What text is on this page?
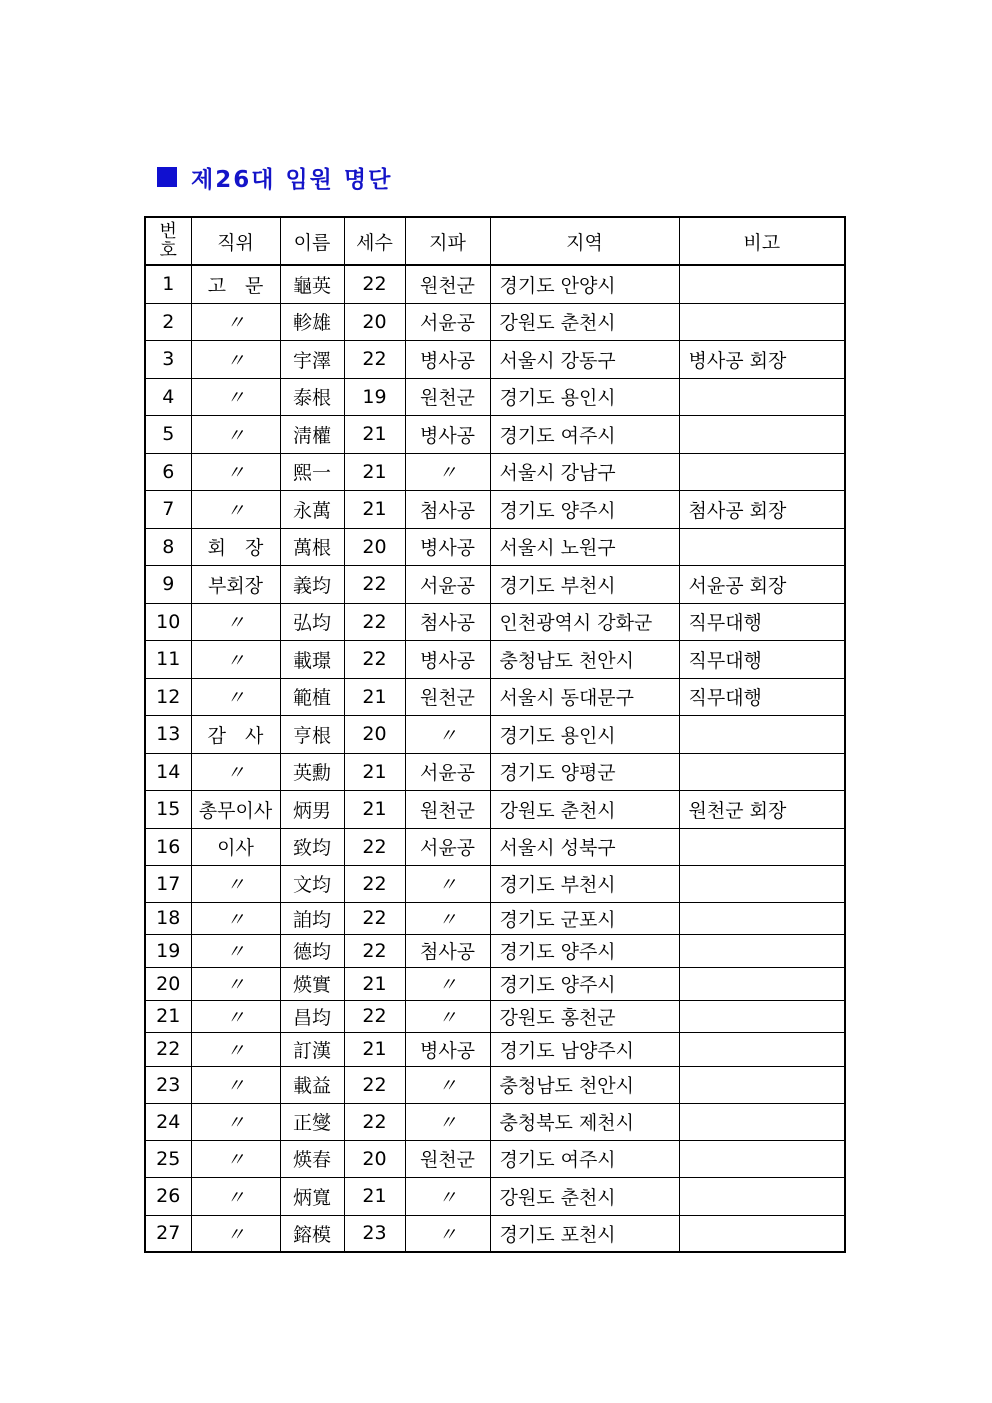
제26대 임원 명단
번
호	직위	이름	세수	지파	지역	비고
1	고　문	龜英	22	원천군	경기도 안양시	
2	〃	軫雄	20	서윤공	강원도 춘천시	
3	〃	宇澤	22	병사공	서울시 강동구	병사공 회장
4	〃	泰根	19	원천군	경기도 용인시	
5	〃	淸權	21	병사공	경기도 여주시	
6	〃	熙一	21	〃	서울시 강남구	
7	〃	永萬	21	첨사공	경기도 양주시	첨사공 회장
8	회　장	萬根	20	병사공	서울시 노원구	
9	부회장	義均	22	서윤공	경기도 부천시	서윤공 회장
10	〃	弘均	22	첨사공	인천광역시 강화군	직무대행
11	〃	載璟	22	병사공	충청남도 천안시	직무대행
12	〃	範植	21	원천군	서울시 동대문구	직무대행
13	감　사	亨根	20	〃	경기도 용인시	
14	〃	英勳	21	서윤공	경기도 양평군	
15	총무이사	炳男	21	원천군	강원도 춘천시	원천군 회장
16	이사	致均	22	서윤공	서울시 성북구	
17	〃	文均	22	〃	경기도 부천시	
18	〃	詯均	22	〃	경기도 군포시	
19	〃	德均	22	첨사공	경기도 양주시	
20	〃	煐實	21	〃	경기도 양주시	
21	〃	昌均	22	〃	강원도 홍천군	
22	〃	訂漢	21	병사공	경기도 남양주시	
23	〃	載益	22	〃	충청남도 천안시	
24	〃	正燮	22	〃	충청북도 제천시	
25	〃	煐春	20	원천군	경기도 여주시	
26	〃	炳寬	21	〃	강원도 춘천시	
27	〃	鎔模	23	〃	경기도 포천시	
